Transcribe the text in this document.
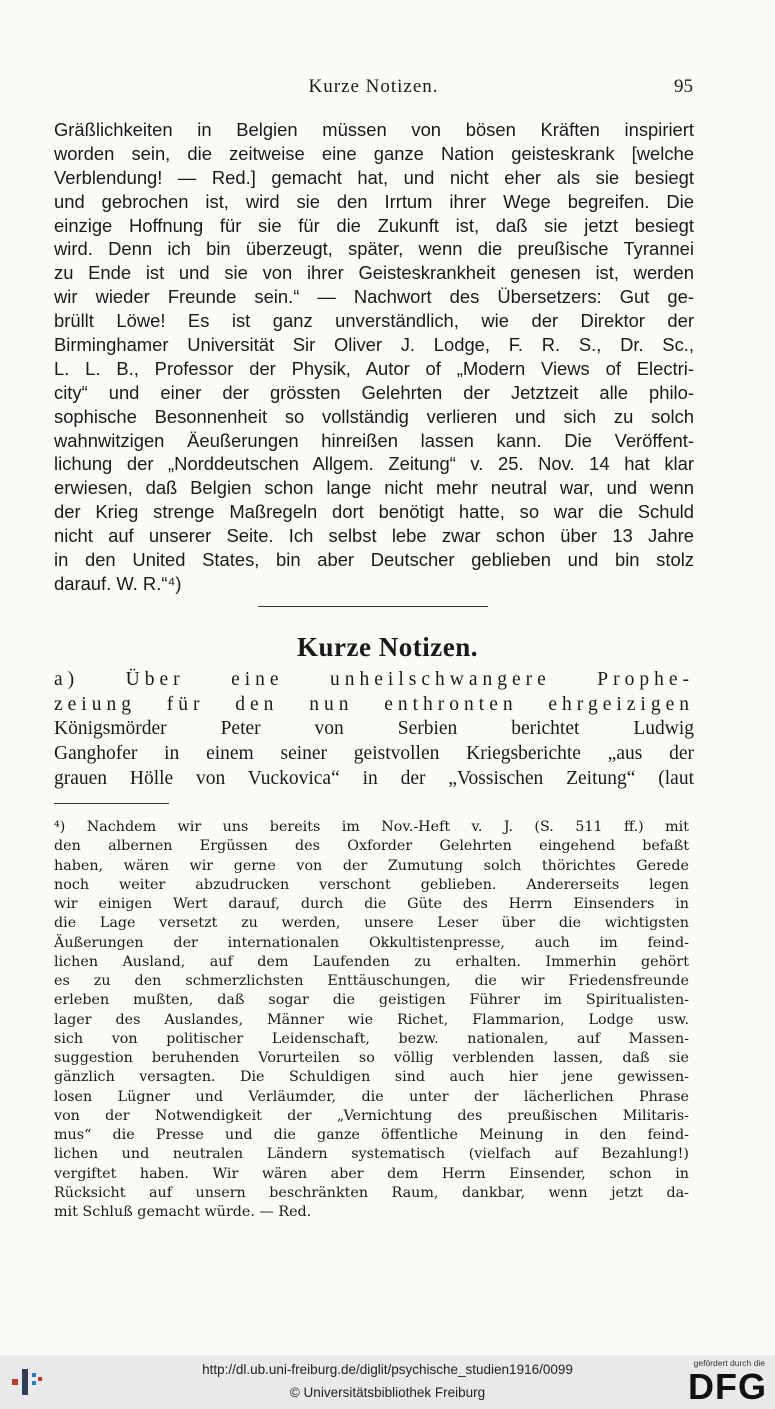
Kurze Notizen.	95
Gräßlichkeiten in Belgien müssen von bösen Kräften inspiriert
worden sein, die zeitweise eine ganze Nation geisteskrank [welche
Verblendung! — Red.] gemacht hat, und nicht eher als sie besiegt
und gebrochen ist, wird sie den Irrtum ihrer Wege begreifen. Die
einzige Hoffnung für sie für die Zukunft ist, daß sie jetzt besiegt
wird. Denn ich bin überzeugt, später, wenn die preußische Tyrannei
zu Ende ist und sie von ihrer Geisteskrankheit genesen ist, werden
wir wieder Freunde sein.“ — Nachwort des Übersetzers: Gut ge-
brüllt Löwe! Es ist ganz unverständlich, wie der Direktor der
Birminghamer Universität Sir Oliver J. Lodge, F. R. S., Dr. Sc.,
L. L. B., Professor der Physik, Autor of „Modern Views of Electri-
city“ und einer der grössten Gelehrten der Jetztzeit alle philo-
sophische Besonnenheit so vollständig verlieren und sich zu solch
wahnwitzigen Äeußerungen hinreißen lassen kann. Die Veröffent-
lichung der „Norddeutschen Allgem. Zeitung“ v. 25. Nov. 14 hat klar
erwiesen, daß Belgien schon lange nicht mehr neutral war, und wenn
der Krieg strenge Maßregeln dort benötigt hatte, so war die Schuld
nicht auf unserer Seite. Ich selbst lebe zwar schon über 13 Jahre
in den United States, bin aber Deutscher geblieben und bin stolz
darauf. W. R.“⁴)
Kurze Notizen.
a) Über eine unheilschwangere Prophe-
zeiung für den nun enthronten ehrgeizigen
Königsmörder Peter von Serbien berichtet Ludwig
Ganghofer in einem seiner geistvollen Kriegsberichte „aus der
grauen Hölle von Vuckovica“ in der „Vossischen Zeitung“ (laut
⁴) Nachdem wir uns bereits im Nov.-Heft v. J. (S. 511 ff.) mit
den albernen Ergüssen des Oxforder Gelehrten eingehend befaßt
haben, wären wir gerne von der Zumutung solch thörichtes Gerede
noch weiter abzudrucken verschont geblieben. Andererseits legen
wir einigen Wert darauf, durch die Güte des Herrn Einsenders in
die Lage versetzt zu werden, unsere Leser über die wichtigsten
Äußerungen der internationalen Okkultistenpresse, auch im feind-
lichen Ausland, auf dem Laufenden zu erhalten. Immerhin gehört
es zu den schmerzlichsten Enttäuschungen, die wir Friedensfreunde
erleben mußten, daß sogar die geistigen Führer im Spiritualisten-
lager des Auslandes, Männer wie Richet, Flammarion, Lodge usw.
sich von politischer Leidenschaft, bezw. nationalen, auf Massen-
suggestion beruhenden Vorurteilen so völlig verblenden lassen, daß sie
gänzlich versagten. Die Schuldigen sind auch hier jene gewissen-
losen Lügner und Verläumder, die unter der lächerlichen Phrase
von der Notwendigkeit der „Vernichtung des preußischen Militaris-
mus“ die Presse und die ganze öffentliche Meinung in den feind-
lichen und neutralen Ländern systematisch (vielfach auf Bezahlung!)
vergiftet haben. Wir wären aber dem Herrn Einsender, schon in
Rücksicht auf unsern beschränkten Raum, dankbar, wenn jetzt da-
mit Schluß gemacht würde. — Red.
http://dl.ub.uni-freiburg.de/diglit/psychische_studien1916/0099
© Universitätsbibliothek Freiburg
gefördert durch die
DFG
